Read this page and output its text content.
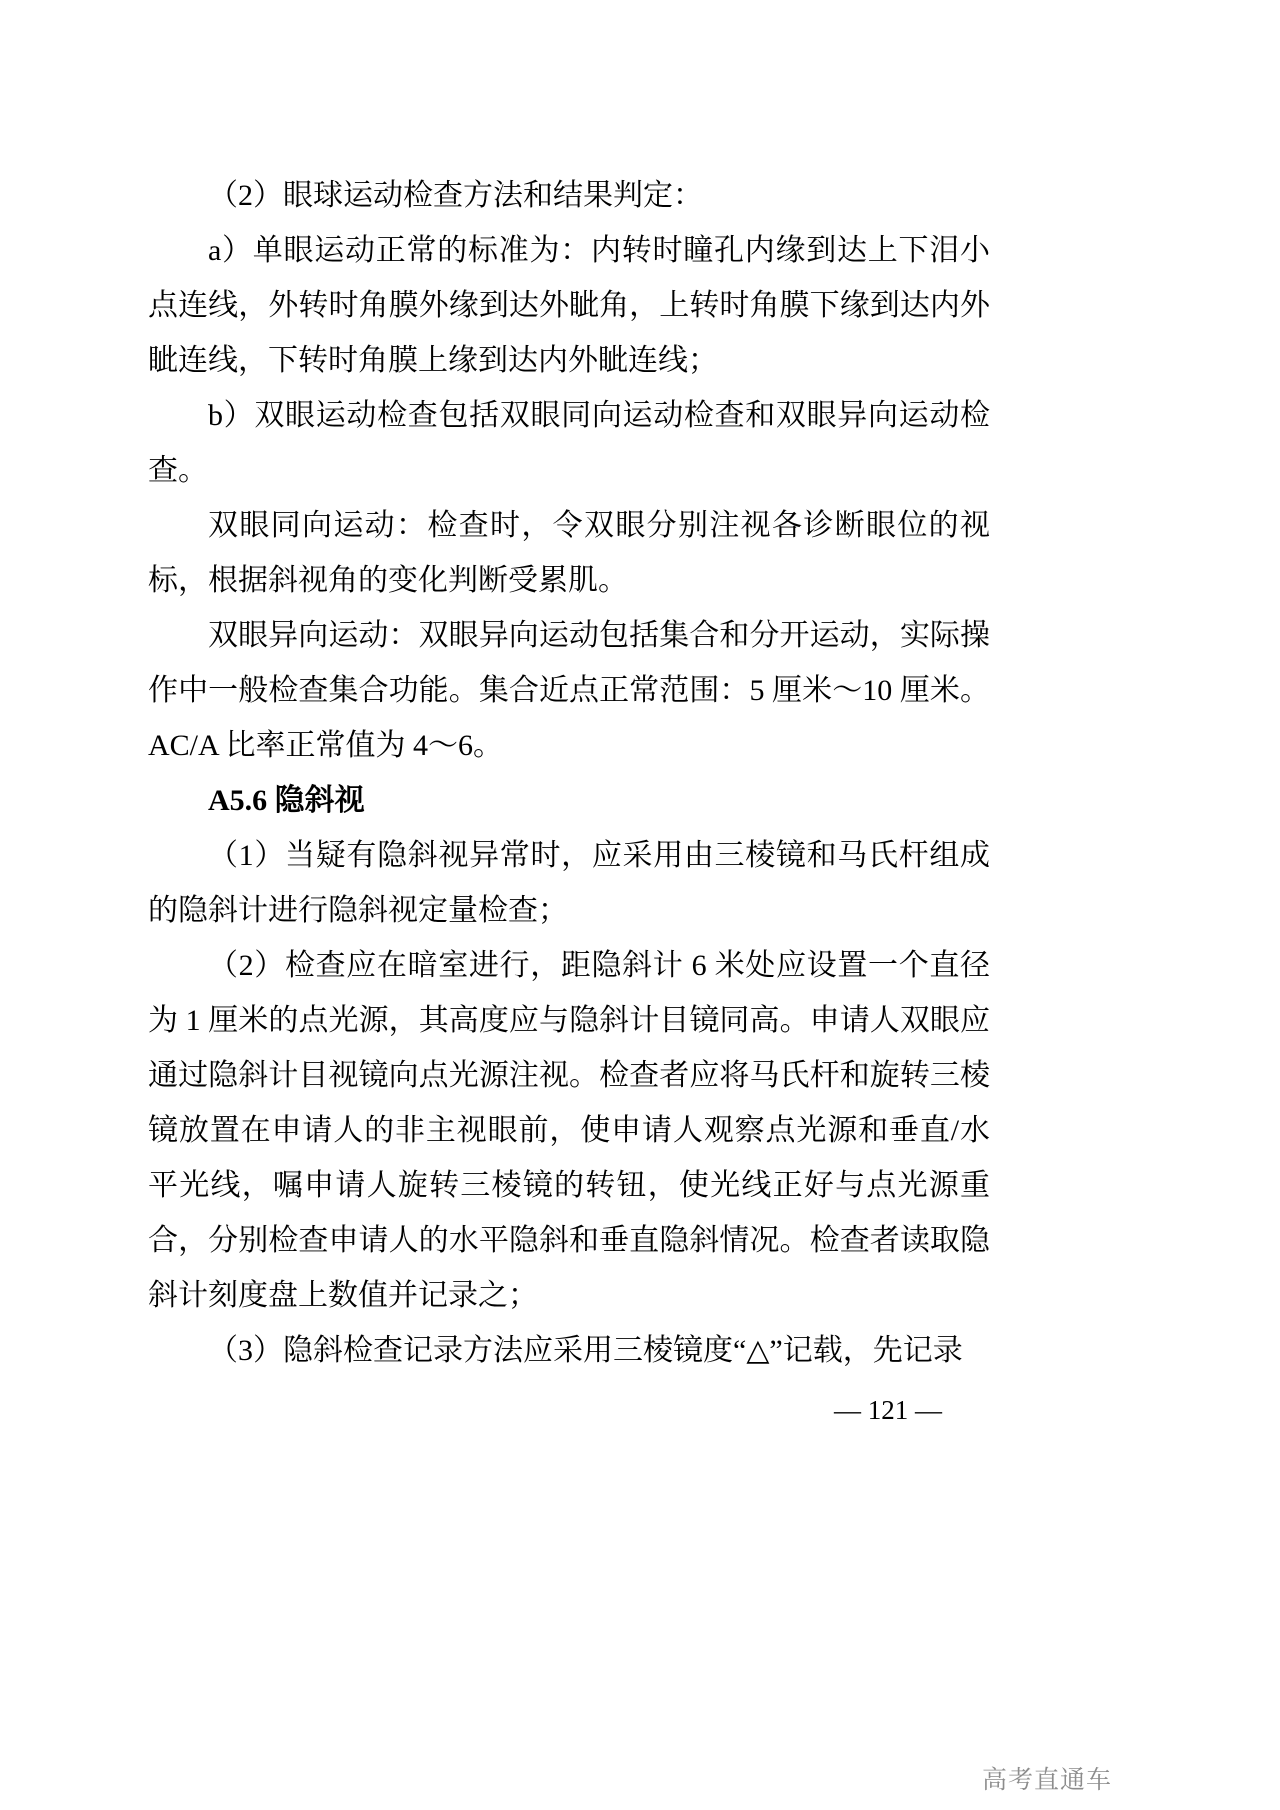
（2）眼球运动检查方法和结果判定：

a）单眼运动正常的标准为：内转时瞳孔内缘到达上下泪小点连线，外转时角膜外缘到达外眦角，上转时角膜下缘到达内外眦连线，下转时角膜上缘到达内外眦连线；

b）双眼运动检查包括双眼同向运动检查和双眼异向运动检查。

双眼同向运动：检查时，令双眼分别注视各诊断眼位的视标，根据斜视角的变化判断受累肌。

双眼异向运动：双眼异向运动包括集合和分开运动，实际操作中一般检查集合功能。集合近点正常范围：5 厘米～10 厘米。AC/A 比率正常值为 4～6。

A5.6 隐斜视

（1）当疑有隐斜视异常时，应采用由三棱镜和马氏杆组成的隐斜计进行隐斜视定量检查；

（2）检查应在暗室进行，距隐斜计 6 米处应设置一个直径为 1 厘米的点光源，其高度应与隐斜计目镜同高。申请人双眼应通过隐斜计目视镜向点光源注视。检查者应将马氏杆和旋转三棱镜放置在申请人的非主视眼前，使申请人观察点光源和垂直/水平光线，嘱申请人旋转三棱镜的转钮，使光线正好与点光源重合，分别检查申请人的水平隐斜和垂直隐斜情况。检查者读取隐斜计刻度盘上数值并记录之；

（3）隐斜检查记录方法应采用三棱镜度“△”记载，先记录

— 121 —
高考直通车
